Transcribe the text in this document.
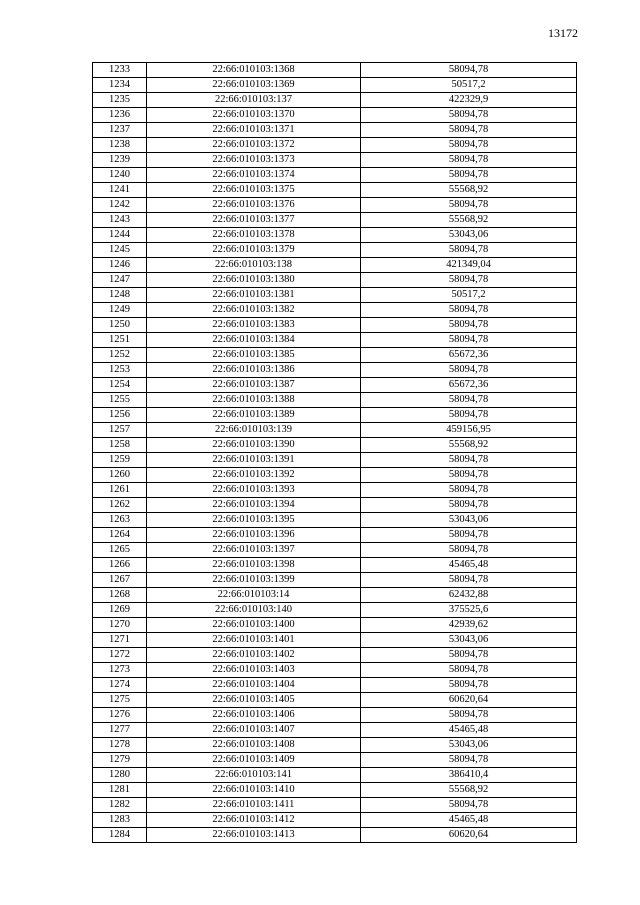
13172
1233	22:66:010103:1368	58094,78
1234	22:66:010103:1369	50517,2
1235	22:66:010103:137	422329,9
1236	22:66:010103:1370	58094,78
1237	22:66:010103:1371	58094,78
1238	22:66:010103:1372	58094,78
1239	22:66:010103:1373	58094,78
1240	22:66:010103:1374	58094,78
1241	22:66:010103:1375	55568,92
1242	22:66:010103:1376	58094,78
1243	22:66:010103:1377	55568,92
1244	22:66:010103:1378	53043,06
1245	22:66:010103:1379	58094,78
1246	22:66:010103:138	421349,04
1247	22:66:010103:1380	58094,78
1248	22:66:010103:1381	50517,2
1249	22:66:010103:1382	58094,78
1250	22:66:010103:1383	58094,78
1251	22:66:010103:1384	58094,78
1252	22:66:010103:1385	65672,36
1253	22:66:010103:1386	58094,78
1254	22:66:010103:1387	65672,36
1255	22:66:010103:1388	58094,78
1256	22:66:010103:1389	58094,78
1257	22:66:010103:139	459156,95
1258	22:66:010103:1390	55568,92
1259	22:66:010103:1391	58094,78
1260	22:66:010103:1392	58094,78
1261	22:66:010103:1393	58094,78
1262	22:66:010103:1394	58094,78
1263	22:66:010103:1395	53043,06
1264	22:66:010103:1396	58094,78
1265	22:66:010103:1397	58094,78
1266	22:66:010103:1398	45465,48
1267	22:66:010103:1399	58094,78
1268	22:66:010103:14	62432,88
1269	22:66:010103:140	375525,6
1270	22:66:010103:1400	42939,62
1271	22:66:010103:1401	53043,06
1272	22:66:010103:1402	58094,78
1273	22:66:010103:1403	58094,78
1274	22:66:010103:1404	58094,78
1275	22:66:010103:1405	60620,64
1276	22:66:010103:1406	58094,78
1277	22:66:010103:1407	45465,48
1278	22:66:010103:1408	53043,06
1279	22:66:010103:1409	58094,78
1280	22:66:010103:141	386410,4
1281	22:66:010103:1410	55568,92
1282	22:66:010103:1411	58094,78
1283	22:66:010103:1412	45465,48
1284	22:66:010103:1413	60620,64
